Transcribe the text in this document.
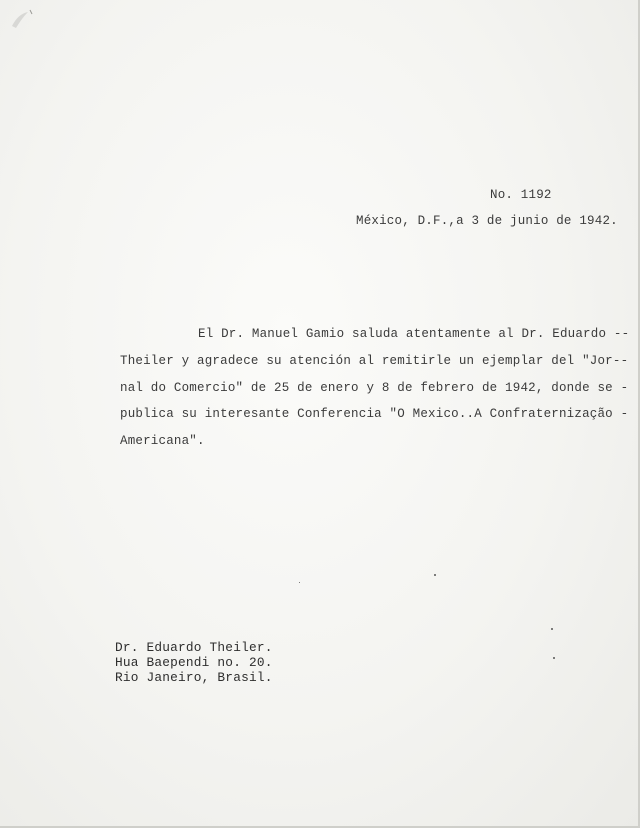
No. 1192
México, D.F.,a 3 de junio de 1942.
El Dr. Manuel Gamio saluda atentamente al Dr. Eduardo --
Theiler y agradece su atención al remitirle un ejemplar del "Jor--
nal do Comercio" de 25 de enero y 8 de febrero de 1942, donde se -
publica su interesante Conferencia "O Mexico..A Confraternização -
Americana".
Dr. Eduardo Theiler.
Hua Baependi no. 20.
Rio Janeiro, Brasil.
